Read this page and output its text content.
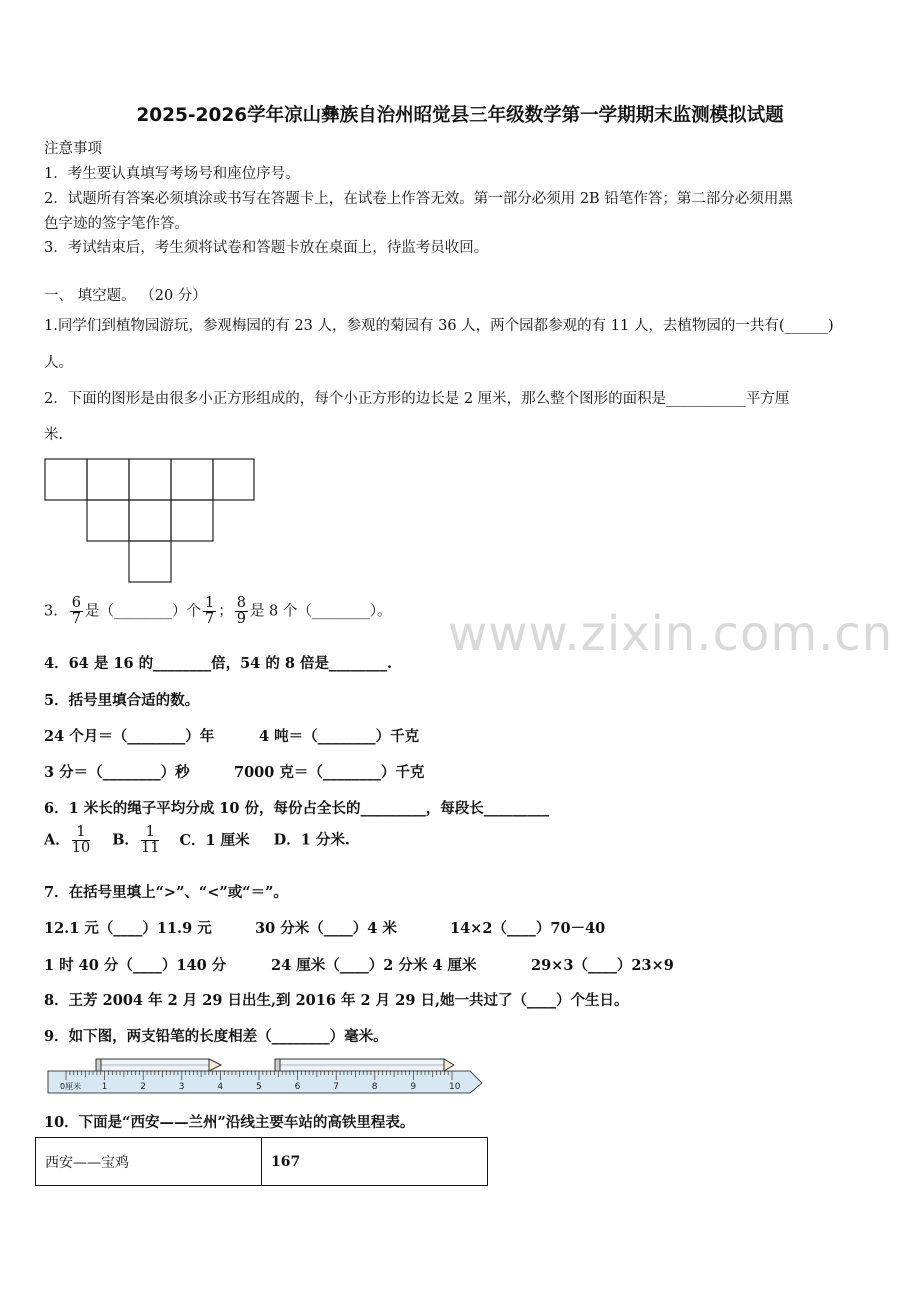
2025-2026学年凉山彝族自治州昭觉县三年级数学第一学期期末监测模拟试题
注意事项
1．考生要认真填写考场号和座位序号。
2．试题所有答案必须填涂或书写在答题卡上，在试卷上作答无效。第一部分必须用 2B 铅笔作答；第二部分必须用黑
色字迹的签字笔作答。
3．考试结束后，考生须将试卷和答题卡放在桌面上，待监考员收回。
一、 填空题。 （20 分）
1.同学们到植物园游玩，参观梅园的有 23 人，参观的菊园有 36 人，两个园都参观的有 11 人，去植物园的一共有(______)
人。
2．下面的图形是由很多小正方形组成的，每个小正方形的边长是 2 厘米，那么整个图形的面积是___________平方厘
米.
3． $\frac{6}{7}$ 是（________）个 $\frac{1}{7}$ ； $\frac{8}{9}$ 是 8 个（________）。 www.zixin.com.cn
4．64 是 16 的________倍，54 的 8 倍是________.
5．括号里填合适的数。
24 个月＝（________）年	4 吨＝（________）千克
3 分＝（________）秒	7000 克＝（________）千克
6．1 米长的绳子平均分成 10 份，每份占全长的_________，每段长_________
A． $\frac{1}{10}$ B． $\frac{1}{11}$ C．1 厘米 D．1 分米.
7．在括号里填上“>”、“<”或“＝”。
12.1 元（____）11.9 元	30 分米（____）4 米	14×2（____）70－40
1 时 40 分（____）140 分	24 厘米（____）2 分米 4 厘米	29×3（____）23×9
8．王芳 2004 年 2 月 29 日出生,到 2016 年 2 月 29 日,她一共过了（____）个生日。
9．如下图，两支铅笔的长度相差（________）毫米。
0厘米 1	2	3	4	5	6	7	8	9	10
10．下面是“西安——兰州”沿线主要车站的高铁里程表。
西安——宝鸡	167
